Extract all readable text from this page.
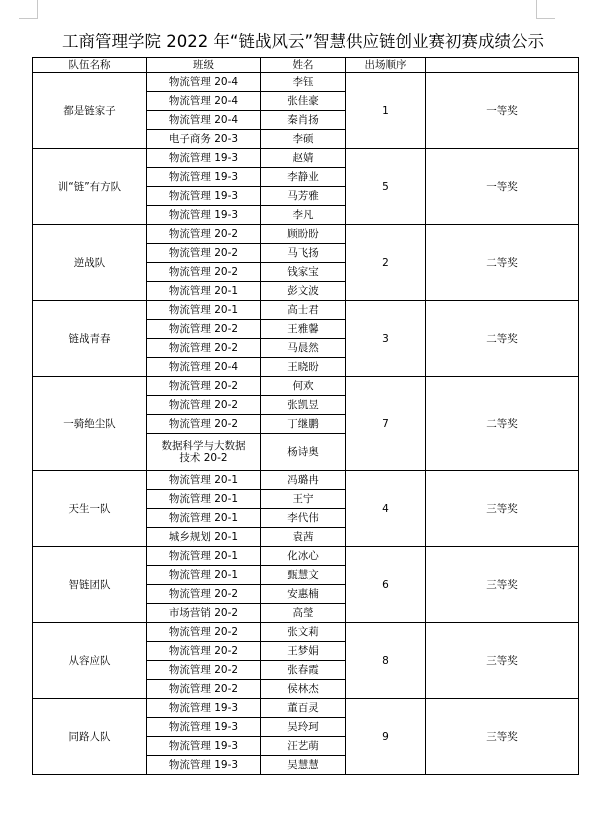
工商管理学院 2022 年“链战风云”智慧供应链创业赛初赛成绩公示
队伍名称	班级	姓名	出场顺序	
都是链家子	物流管理 20-4	李钰	1	一等奖
	物流管理 20-4	张佳豪		
	物流管理 20-4	秦肖扬		
	电子商务 20-3	李硕		
训“链”有方队	物流管理 19-3	赵婧	5	一等奖
	物流管理 19-3	李静业		
	物流管理 19-3	马芳雅		
	物流管理 19-3	李凡		
逆战队	物流管理 20-2	顾盼盼	2	二等奖
	物流管理 20-2	马飞扬		
	物流管理 20-2	钱家宝		
	物流管理 20-1	彭文波		
链战青春	物流管理 20-1	高士君	3	二等奖
	物流管理 20-2	王雅馨		
	物流管理 20-2	马晨然		
	物流管理 20-4	王晓盼		
一骑绝尘队	物流管理 20-2	何欢	7	二等奖
	物流管理 20-2	张凯昱		
	物流管理 20-2	丁继鹏		
	数据科学与大数据技术 20-2	杨诗奥		
天生一队	物流管理 20-1	冯璐冉	4	三等奖
	物流管理 20-1	王宁		
	物流管理 20-1	李代伟		
	城乡规划 20-1	袁茜		
智链团队	物流管理 20-1	化冰心	6	三等奖
	物流管理 20-1	甄慧文		
	物流管理 20-2	安惠楠		
	市场营销 20-2	高瑩		
从容应队	物流管理 20-2	张文莉	8	三等奖
	物流管理 20-2	王梦娟		
	物流管理 20-2	张春霞		
	物流管理 20-2	侯林杰		
同路人队	物流管理 19-3	董百灵	9	三等奖
	物流管理 19-3	吴玲珂		
	物流管理 19-3	汪艺萌		
	物流管理 19-3	吴慧慧		
